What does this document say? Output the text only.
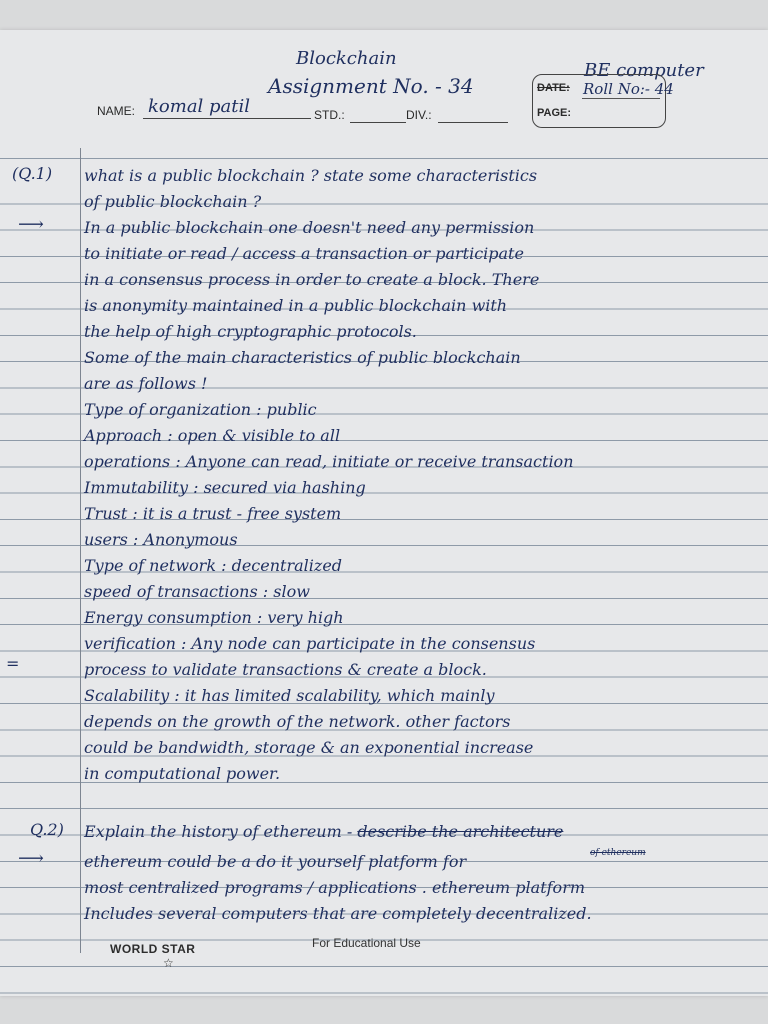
Blockchain
Assignment No. - 34
BE computer
NAME: komal patil	STD.:	DIV.:
DATE: Roll No:- 44
PAGE:
(Q.1)
⟶
=
what is a public blockchain ? state some characteristics
of public blockchain ?
In a public blockchain one doesn't need any permission
to initiate or read / access a transaction or participate
in a consensus process in order to create a block. There
is anonymity maintained in a public blockchain with
the help of high cryptographic protocols.
Some of the main characteristics of public blockchain
are as follows !
Type of organization : public
Approach : open & visible to all
operations : Anyone can read, initiate or receive transaction
Immutability : secured via hashing
Trust : it is a trust - free system
users : Anonymous
Type of network : decentralized
speed of transactions : slow
Energy consumption : very high
verification : Any node can participate in the consensus
process to validate transactions & create a block.
Scalability : it has limited scalability, which mainly
depends on the growth of the network. other factors
could be bandwidth, storage & an exponential increase
in computational power.
Q.2) Explain the history of ethereum - describe the architecture
of ethereum
⟶	ethereum could be a do it yourself platform for
most centralized programs / applications . ethereum platform
Includes several computers that are completely decentralized.
WORLD STAR
☆
For Educational Use
